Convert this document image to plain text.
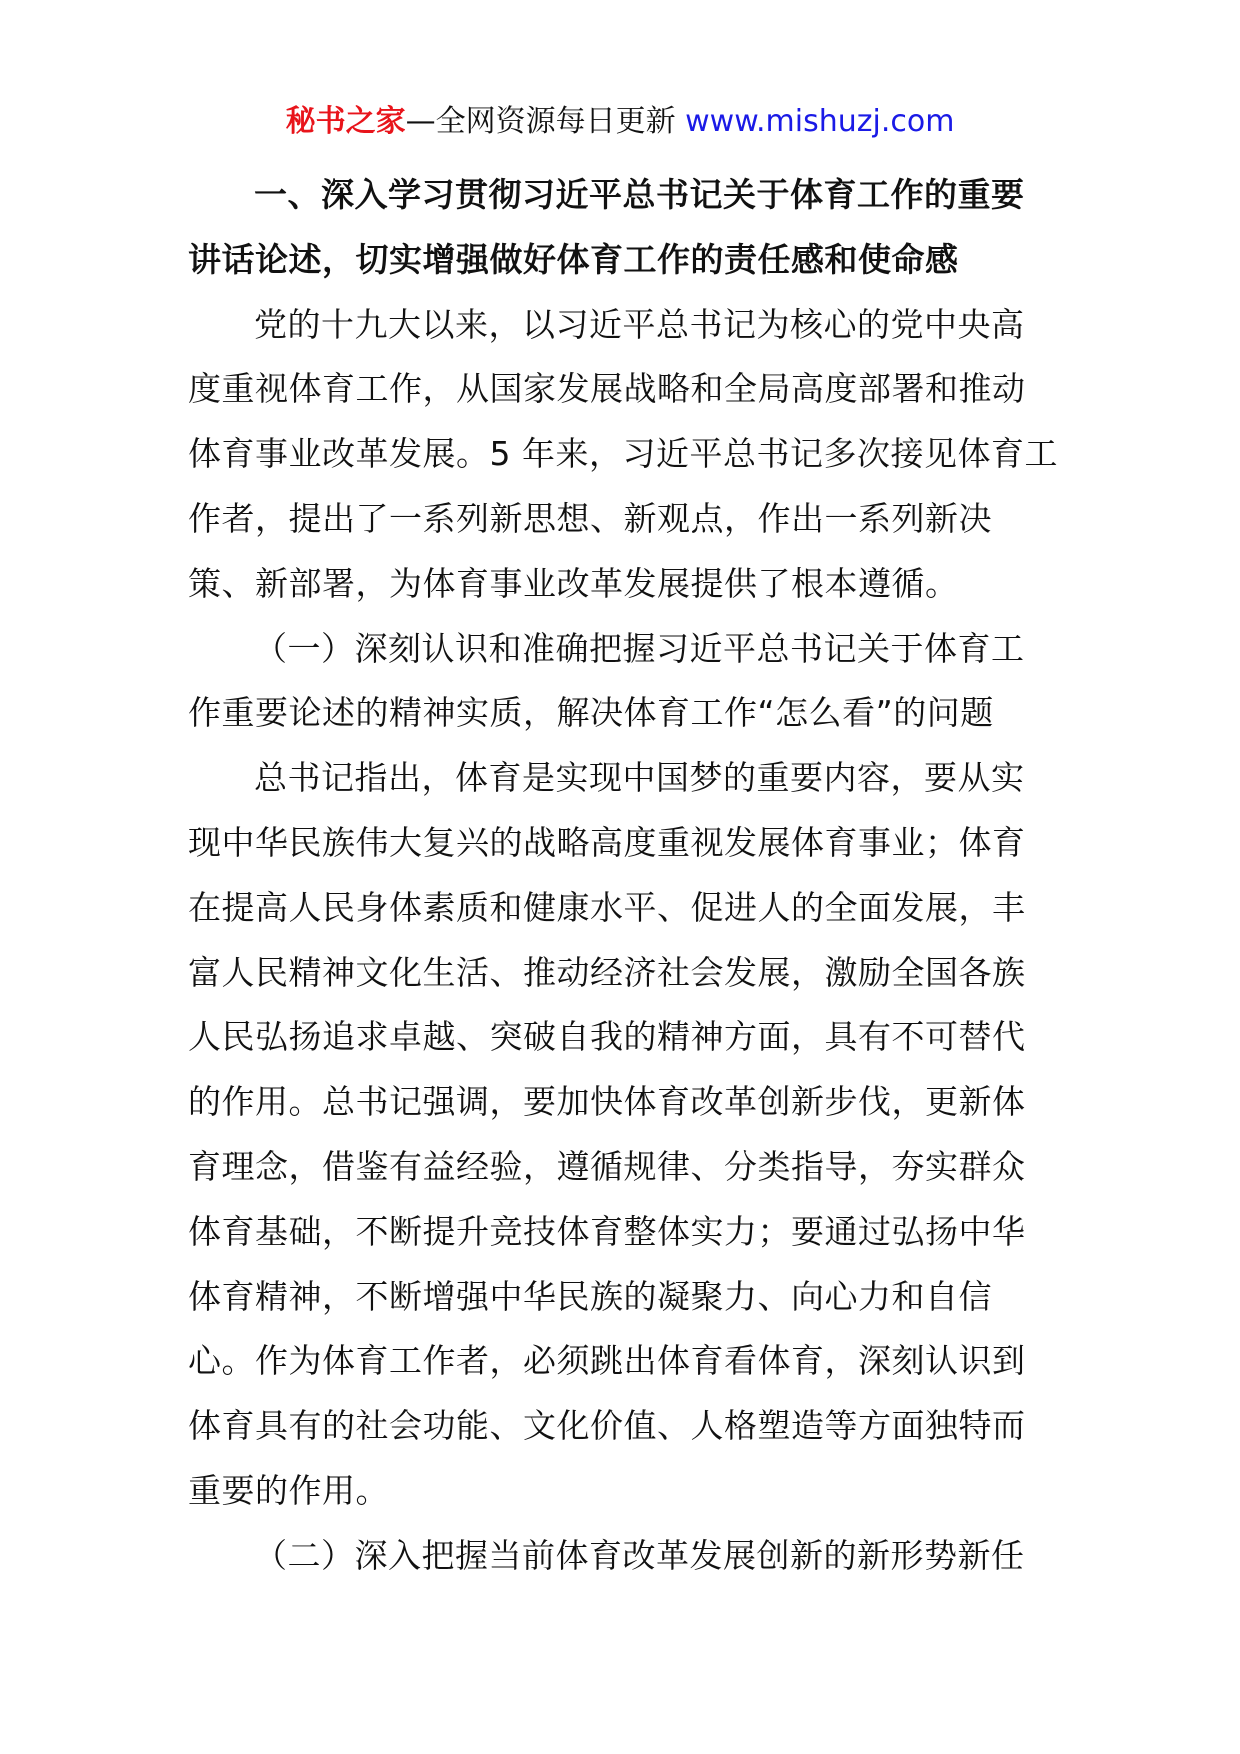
秘书之家—全网资源每日更新 www.mishuzj.com
一、深入学习贯彻习近平总书记关于体育工作的重要
讲话论述，切实增强做好体育工作的责任感和使命感
党的十九大以来，以习近平总书记为核心的党中央高
度重视体育工作，从国家发展战略和全局高度部署和推动
体育事业改革发展。5 年来，习近平总书记多次接见体育工
作者，提出了一系列新思想、新观点，作出一系列新决
策、新部署，为体育事业改革发展提供了根本遵循。
（一）深刻认识和准确把握习近平总书记关于体育工
作重要论述的精神实质，解决体育工作“怎么看”的问题
总书记指出，体育是实现中国梦的重要内容，要从实
现中华民族伟大复兴的战略高度重视发展体育事业；体育
在提高人民身体素质和健康水平、促进人的全面发展，丰
富人民精神文化生活、推动经济社会发展，激励全国各族
人民弘扬追求卓越、突破自我的精神方面，具有不可替代
的作用。总书记强调，要加快体育改革创新步伐，更新体
育理念，借鉴有益经验，遵循规律、分类指导，夯实群众
体育基础，不断提升竞技体育整体实力；要通过弘扬中华
体育精神，不断增强中华民族的凝聚力、向心力和自信
心。作为体育工作者，必须跳出体育看体育，深刻认识到
体育具有的社会功能、文化价值、人格塑造等方面独特而
重要的作用。
（二）深入把握当前体育改革发展创新的新形势新任
